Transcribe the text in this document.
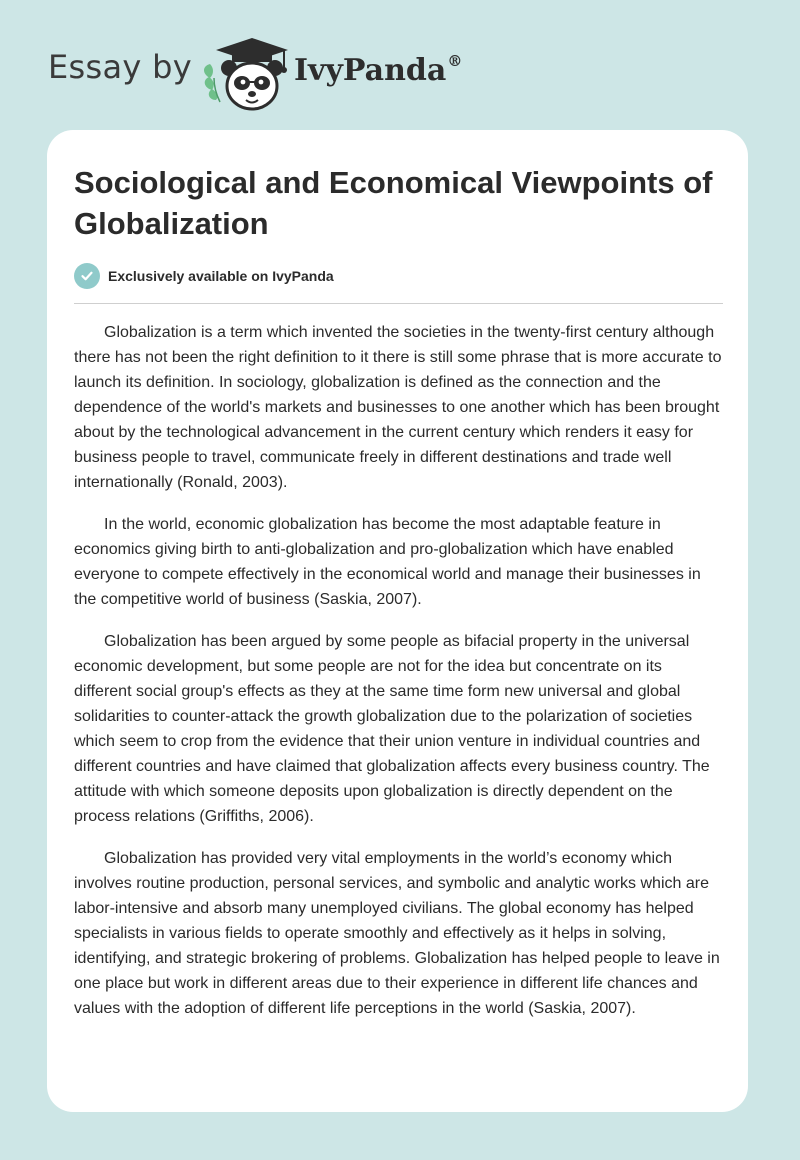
Essay by	IvyPanda®
Sociological and Economical Viewpoints of Globalization
Exclusively available on IvyPanda

Globalization is a term which invented the societies in the twenty-first century although there has not been the right definition to it there is still some phrase that is more accurate to launch its definition. In sociology, globalization is defined as the connection and the dependence of the world's markets and businesses to one another which has been brought about by the technological advancement in the current century which renders it easy for business people to travel, communicate freely in different destinations and trade well internationally (Ronald, 2003).

In the world, economic globalization has become the most adaptable feature in economics giving birth to anti-globalization and pro-globalization which have enabled everyone to compete effectively in the economical world and manage their businesses in the competitive world of business (Saskia, 2007).

Globalization has been argued by some people as bifacial property in the universal economic development, but some people are not for the idea but concentrate on its different social group's effects as they at the same time form new universal and global solidarities to counter-attack the growth globalization due to the polarization of societies which seem to crop from the evidence that their union venture in individual countries and different countries and have claimed that globalization affects every business country. The attitude with which someone deposits upon globalization is directly dependent on the process relations (Griffiths, 2006).

Globalization has provided very vital employments in the world’s economy which involves routine production, personal services, and symbolic and analytic works which are labor-intensive and absorb many unemployed civilians. The global economy has helped specialists in various fields to operate smoothly and effectively as it helps in solving, identifying, and strategic brokering of problems. Globalization has helped people to leave in one place but work in different areas due to their experience in different life chances and values with the adoption of different life perceptions in the world (Saskia, 2007).
